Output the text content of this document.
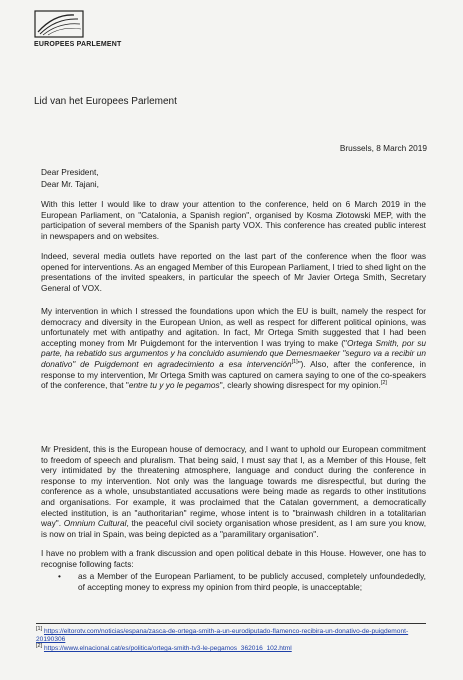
EUROPEES PARLEMENT
Lid van het Europees Parlement
Brussels, 8 March 2019
Dear President,
Dear Mr. Tajani,
With this letter I would like to draw your attention to the conference, held on 6 March 2019 in the European Parliament, on "Catalonia, a Spanish region", organised by Kosma Złotowski MEP, with the participation of several members of the Spanish party VOX. This conference has created public interest in newspapers and on websites.
Indeed, several media outlets have reported on the last part of the conference when the floor was opened for interventions. As an engaged Member of this European Parliament, I tried to shed light on the presentations of the invited speakers, in particular the speech of Mr Javier Ortega Smith, Secretary General of VOX.
My intervention in which I stressed the foundations upon which the EU is built, namely the respect for democracy and diversity in the European Union, as well as respect for different political opinions, was unfortunately met with antipathy and agitation. In fact, Mr Ortega Smith suggested that I had been accepting money from Mr Puigdemont for the intervention I was trying to make ("Ortega Smith, por su parte, ha rebatido sus argumentos y ha concluido asumiendo que Demesmaeker "seguro va a recibir un donativo" de Puigdemont en agradecimiento a esa intervención[1]"). Also, after the conference, in response to my intervention, Mr Ortega Smith was captured on camera saying to one of the co-speakers of the conference, that "entre tu y yo le pegamos", clearly showing disrespect for my opinion.[2]
Mr President, this is the European house of democracy, and I want to uphold our European commitment to freedom of speech and pluralism. That being said, I must say that I, as a Member of this House, felt very intimidated by the threatening atmosphere, language and conduct during the conference in response to my intervention. Not only was the language towards me disrespectful, but during the conference as a whole, unsubstantiated accusations were being made as regards to other institutions and organisations. For example, it was proclaimed that the Catalan government, a democratically elected institution, is an "authoritarian" regime, whose intent is to "brainwash children in a totalitarian way". Omnium Cultural, the peaceful civil society organisation whose president, as I am sure you know, is now on trial in Spain, was being depicted as a "paramilitary organisation".
I have no problem with a frank discussion and open political debate in this House. However, one has to recognise following facts:
• as a Member of the European Parliament, to be publicly accused, completely unfoundededly, of accepting money to express my opinion from third people, is unacceptable;
[1] https://eltorotv.com/noticias/espana/zasca-de-ortega-smith-a-un-eurodiputado-flamenco-recibira-un-donativo-de-puigdemont-20190306
[2] https://www.elnacional.cat/es/politica/ortega-smith-tv3-le-pegamos_362016_102.html
